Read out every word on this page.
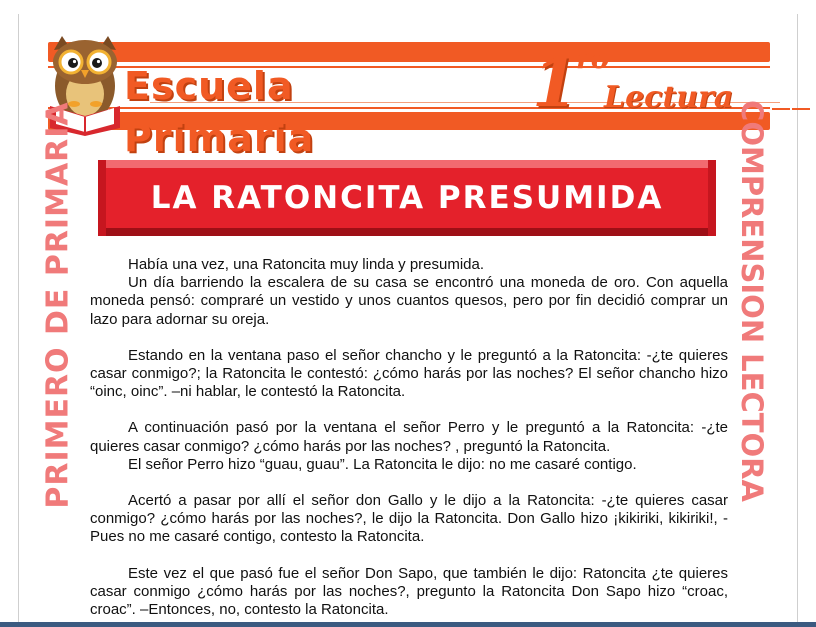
Escuela Primaria
1
ro
Lectura
PRIMERO DE PRIMARIA	COMPRENSION LECTORA
LA RATONCITA PRESUMIDA

Había una vez, una Ratoncita muy linda y presumida.

Un día barriendo la escalera de su casa se encontró una moneda de oro. Con aquella moneda pensó: compraré un vestido y unos cuantos quesos, pero por fin decidió comprar un lazo para adornar su oreja.

Estando en la ventana paso el señor chancho y le preguntó a la Ratoncita: -¿te quieres casar conmigo?; la Ratoncita le contestó: ¿cómo harás por las noches? El señor chancho hizo “oinc, oinc”. –ni hablar, le contestó la Ratoncita.

A continuación pasó por la ventana el señor Perro y le preguntó a la Ratoncita: -¿te quieres casar conmigo? ¿cómo harás por las noches? , preguntó la Ratoncita.

El señor Perro hizo “guau, guau”. La Ratoncita le dijo: no me casaré contigo.

Acertó a pasar por allí el señor don Gallo y le dijo a la Ratoncita: -¿te quieres casar conmigo? ¿cómo harás por las noches?, le dijo la Ratoncita. Don Gallo hizo ¡kikiriki, kikiriki!, -Pues no me casaré contigo, contesto la Ratoncita.

Este vez el que pasó fue el señor Don Sapo, que también le dijo: Ratoncita ¿te quieres casar conmigo ¿cómo harás por las noches?, pregunto la Ratoncita Don Sapo hizo “croac, croac”. –Entonces, no, contesto la Ratoncita.
